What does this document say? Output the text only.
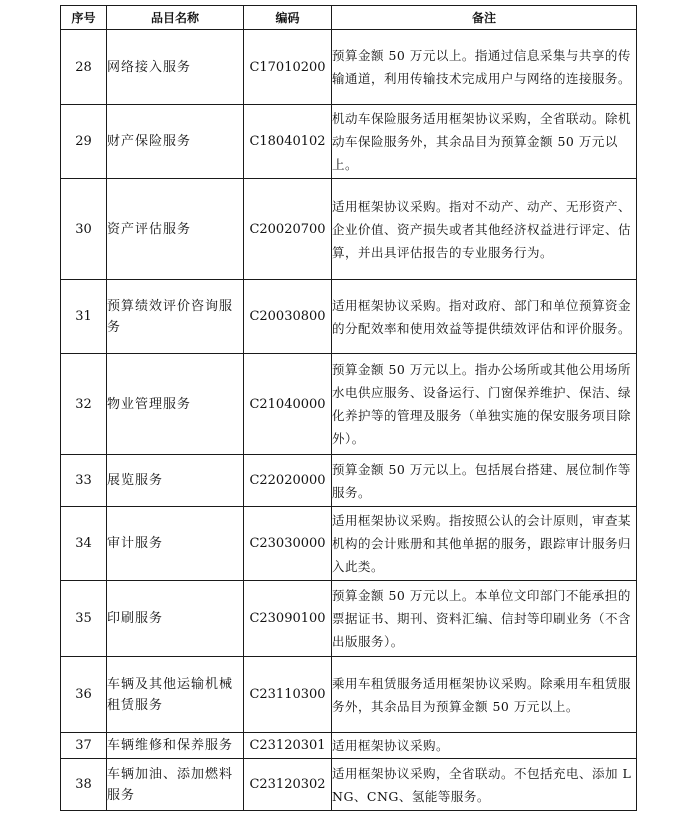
序号	品目名称	编码	备注
28	网络接入服务	C17010200	预算金额 50 万元以上。指通过信息采集与共享的传输通道，利用传输技术完成用户与网络的连接服务。
29	财产保险服务	C18040102	机动车保险服务适用框架协议采购，全省联动。除机动车保险服务外，其余品目为预算金额 50 万元以上。
30	资产评估服务	C20020700	适用框架协议采购。指对不动产、动产、无形资产、企业价值、资产损失或者其他经济权益进行评定、估算，并出具评估报告的专业服务行为。
31	预算绩效评价咨询服务	C20030800	适用框架协议采购。指对政府、部门和单位预算资金的分配效率和使用效益等提供绩效评估和评价服务。
32	物业管理服务	C21040000	预算金额 50 万元以上。指办公场所或其他公用场所水电供应服务、设备运行、门窗保养维护、保洁、绿化养护等的管理及服务（单独实施的保安服务项目除外）。
33	展览服务	C22020000	预算金额 50 万元以上。包括展台搭建、展位制作等服务。
34	审计服务	C23030000	适用框架协议采购。指按照公认的会计原则，审查某机构的会计账册和其他单据的服务，跟踪审计服务归入此类。
35	印刷服务	C23090100	预算金额 50 万元以上。本单位文印部门不能承担的票据证书、期刊、资料汇编、信封等印刷业务（不含出版服务）。
36	车辆及其他运输机械租赁服务	C23110300	乘用车租赁服务适用框架协议采购。除乘用车租赁服务外，其余品目为预算金额 50 万元以上。
37	车辆维修和保养服务	C23120301	适用框架协议采购。
38	车辆加油、添加燃料服务	C23120302	适用框架协议采购，全省联动。不包括充电、添加 LNG、CNG、氢能等服务。
